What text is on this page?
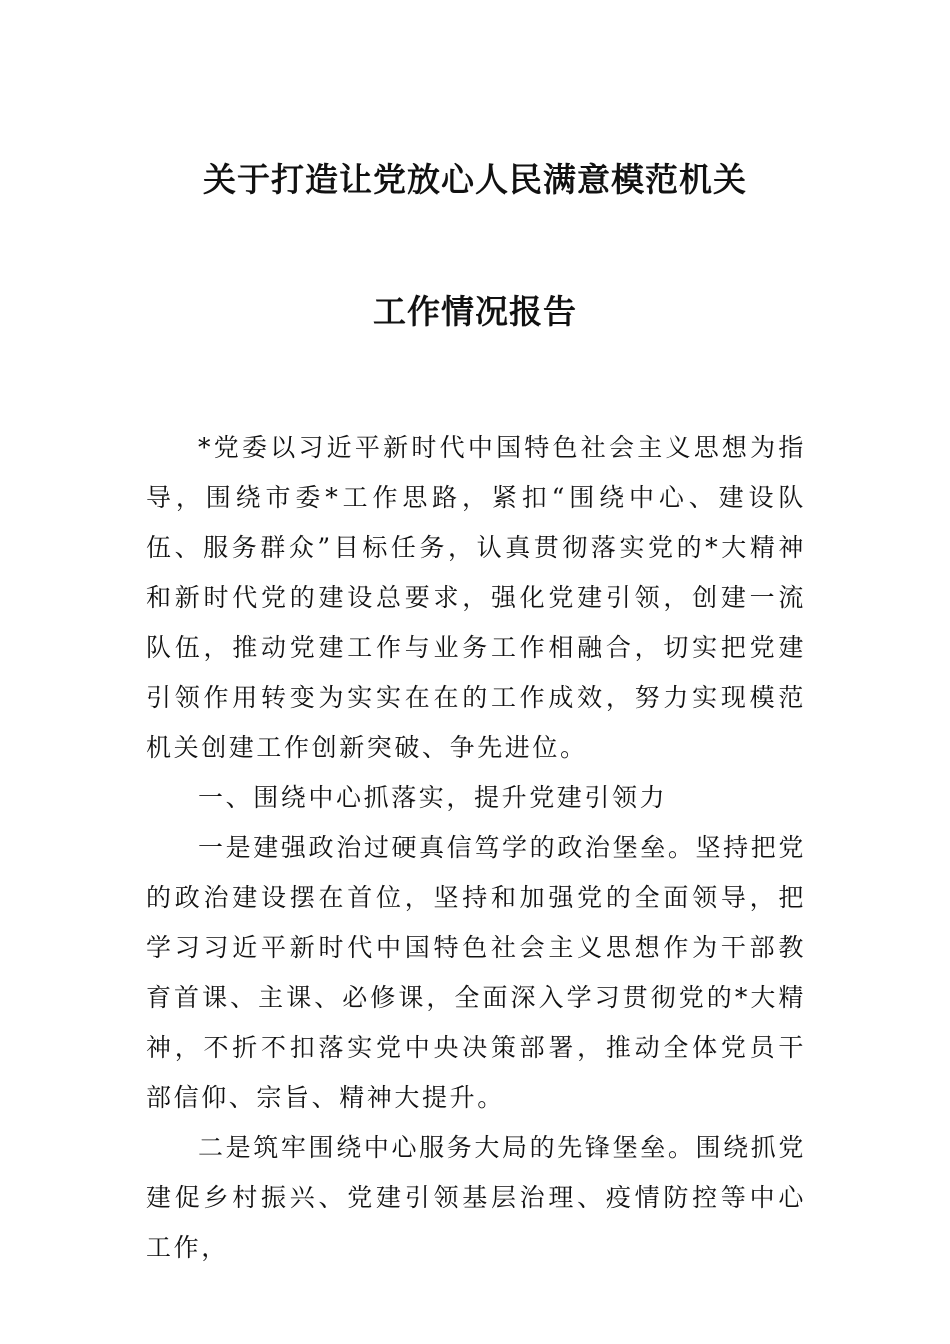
关于打造让党放心人民满意模范机关
工作情况报告

*党委以习近平新时代中国特色社会主义思想为指导，围绕市委*工作思路，紧扣“围绕中心、建设队伍、服务群众”目标任务，认真贯彻落实党的*大精神和新时代党的建设总要求，强化党建引领，创建一流队伍，推动党建工作与业务工作相融合，切实把党建引领作用转变为实实在在的工作成效，努力实现模范机关创建工作创新突破、争先进位。

一、围绕中心抓落实，提升党建引领力

一是建强政治过硬真信笃学的政治堡垒。坚持把党的政治建设摆在首位，坚持和加强党的全面领导，把学习习近平新时代中国特色社会主义思想作为干部教育首课、主课、必修课，全面深入学习贯彻党的*大精神，不折不扣落实党中央决策部署，推动全体党员干部信仰、宗旨、精神大提升。

二是筑牢围绕中心服务大局的先锋堡垒。围绕抓党建促乡村振兴、党建引领基层治理、疫情防控等中心工作，
